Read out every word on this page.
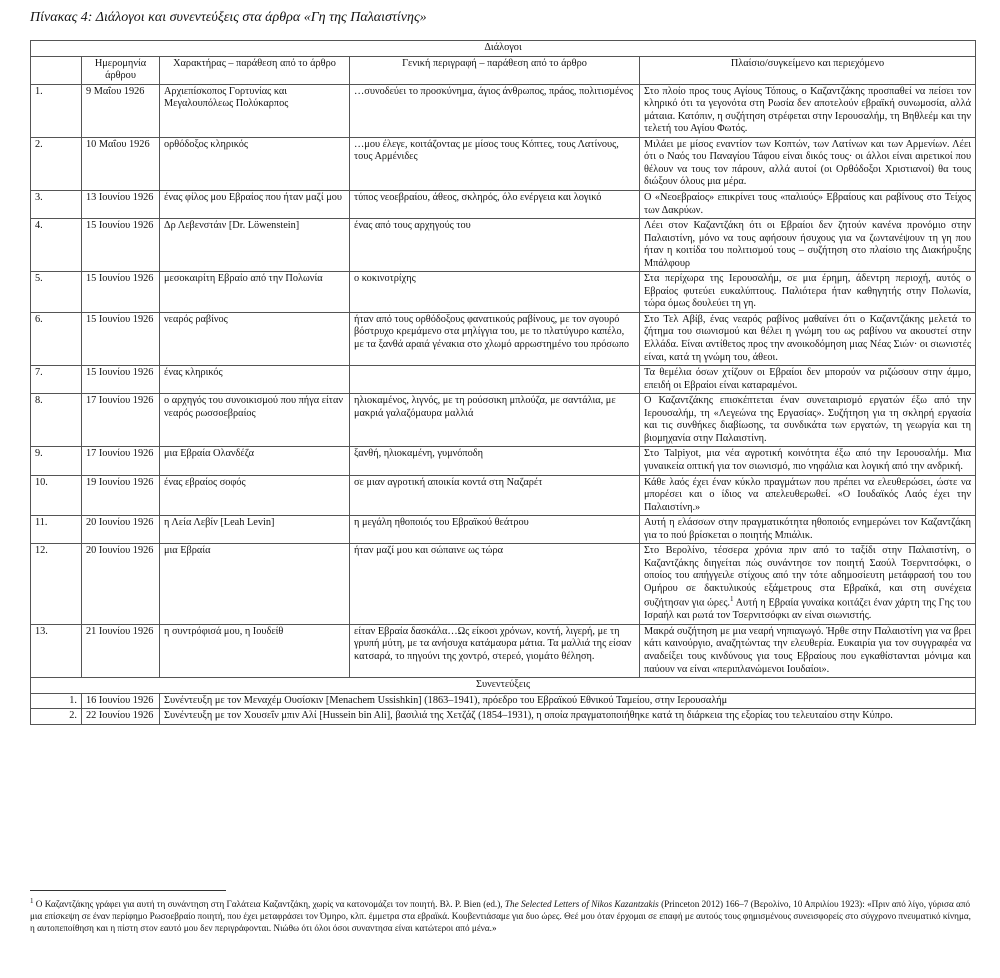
Πίνακας 4: Διάλογοι και συνεντεύξεις στα άρθρα «Γη της Παλαιστίνης»
Διάλογοι				
	Ημερομηνία άρθρου	Χαρακτήρας – παράθεση από το άρθρο	Γενική περιγραφή – παράθεση από το άρθρο	Πλαίσιο/συγκείμενο και περιεχόμενο
1.	9 Μαΐου 1926	Αρχιεπίσκοπος Γορτυνίας και Μεγαλουπόλεως Πολύκαρπος	…συνοδεύει το προσκύνημα, άγιος άνθρωπος, πράος, πολιτισμένος	Στο πλοίο προς τους Αγίους Τόπους, ο Καζαντζάκης προσπαθεί να πείσει τον κληρικό ότι τα γεγονότα στη Ρωσία δεν αποτελούν εβραϊκή συνωμοσία, αλλά μάταια. Κατόπιν, η συζήτηση στρέφεται στην Ιερουσαλήμ, τη Βηθλεέμ και την τελετή του Αγίου Φωτός.
2.	10 Μαΐου 1926	ορθόδοξος κληρικός	…μου έλεγε, κοιτάζοντας με μίσος τους Κόπτες, τους Λατίνους, τους Αρμένιδες	Μιλάει με μίσος εναντίον των Κοπτών, των Λατίνων και των Αρμενίων. Λέει ότι ο Ναός του Παναγίου Τάφου είναι δικός τους· οι άλλοι είναι αιρετικοί που θέλουν να τους τον πάρουν, αλλά αυτοί (οι Ορθόδοξοι Χριστιανοί) θα τους διώξουν όλους μια μέρα.
3.	13 Ιουνίου 1926	ένας φίλος μου Εβραίος που ήταν μαζί μου	τύπος νεοεβραίου, άθεος, σκληρός, όλο ενέργεια και λογικό	Ο «Νεοεβραίος» επικρίνει τους «παλιούς» Εβραίους και ραβίνους στο Τείχος των Δακρύων.
4.	15 Ιουνίου 1926	Δρ Λεβενστάιν [Dr. Löwenstein]	ένας από τους αρχηγούς του	Λέει στον Καζαντζάκη ότι οι Εβραίοι δεν ζητούν κανένα προνόμιο στην Παλαιστίνη, μόνο να τους αφήσουν ήσυχους για να ζωντανέψουν τη γη που ήταν η κοιτίδα του πολιτισμού τους – συζήτηση στο πλαίσιο της Διακήρυξης Μπάλφουρ
5.	15 Ιουνίου 1926	μεσοκαιρίτη Εβραίο από την Πολωνία	ο κοκινοτρίχης	Στα περίχωρα της Ιερουσαλήμ, σε μια έρημη, άδεντρη περιοχή, αυτός ο Εβραίος φυτεύει ευκαλύπτους. Παλιότερα ήταν καθηγητής στην Πολωνία, τώρα όμως δουλεύει τη γη.
6.	15 Ιουνίου 1926	νεαρός ραβίνος	ήταν από τους ορθόδοξους φανατικούς ραβίνους, με τον σγουρό βόστρυχο κρεμάμενο στα μηλίγγια του, με το πλατύγυρο καπέλο, με τα ξανθά αραιά γένακια στο χλωμό αρρωστημένο του πρόσωπο	Στο Τελ Αβίβ, ένας νεαρός ραβίνος μαθαίνει ότι ο Καζαντζάκης μελετά το ζήτημα του σιωνισμού και θέλει η γνώμη του ως ραβίνου να ακουστεί στην Ελλάδα. Είναι αντίθετος προς την ανοικοδόμηση μιας Νέας Σιών· οι σιωνιστές είναι, κατά τη γνώμη του, άθεοι.
7.	15 Ιουνίου 1926	ένας κληρικός		Τα θεμέλια όσων χτίζουν οι Εβραίοι δεν μπορούν να ριζώσουν στην άμμο, επειδή οι Εβραίοι είναι καταραμένοι.
8.	17 Ιουνίου 1926	ο αρχηγός του συνοικισμού που πήγα είταν νεαρός ρωσσοεβραίος	ηλιοκαμένος, λιγνός, με τη ρούσσικη μπλούζα, με σαντάλια, με μακριά γαλαζόμαυρα μαλλιά	Ο Καζαντζάκης επισκέπτεται έναν συνεταιρισμό εργατών έξω από την Ιερουσαλήμ, τη «Λεγεώνα της Εργασίας». Συζήτηση για τη σκληρή εργασία και τις συνθήκες διαβίωσης, τα συνδικάτα των εργατών, τη γεωργία και τη βιομηχανία στην Παλαιστίνη.
9.	17 Ιουνίου 1926	μια Εβραία Ολανδέζα	ξανθή, ηλιοκαμένη, γυμνόποδη	Στο Talpiyot, μια νέα αγροτική κοινότητα έξω από την Ιερουσαλήμ. Μια γυναικεία οπτική για τον σιωνισμό, πιο νηφάλια και λογική από την ανδρική.
10.	19 Ιουνίου 1926	ένας εβραίος σοφός	σε μιαν αγροτική αποικία κοντά στη Ναζαρέτ	Κάθε λαός έχει έναν κύκλο πραγμάτων που πρέπει να ελευθερώσει, ώστε να μπορέσει και ο ίδιος να απελευθερωθεί. «Ο Ιουδαϊκός Λαός έχει την Παλαιστίνη.»
11.	20 Ιουνίου 1926	η Λεία Λεβίν [Leah Levin]	η μεγάλη ηθοποιός του Εβραϊκού θεάτρου	Αυτή η ελάσσων στην πραγματικότητα ηθοποιός ενημερώνει τον Καζαντζάκη για το πού βρίσκεται ο ποιητής Μπιάλικ.
12.	20 Ιουνίου 1926	μια Εβραία	ήταν μαζί μου και σώπαινε ως τώρα	Στο Βερολίνο, τέσσερα χρόνια πριν από το ταξίδι στην Παλαιστίνη, ο Καζαντζάκης διηγείται πώς συνάντησε τον ποιητή Σαούλ Τσερνιτσόφκι, ο οποίος του απήγγειλε στίχους από την τότε αδημοσίευτη μετάφρασή του του Ομήρου σε δακτυλικούς εξάμετρους στα Εβραϊκά, και στη συνέχεια συζήτησαν για ώρες.$^1$ Αυτή η Εβραία γυναίκα κοιτάζει έναν χάρτη της Γης του Ισραήλ και ρωτά τον Τσερνιτσόφκι αν είναι σιωνιστής.
13.	21 Ιουνίου 1926	η συντρόφισά μου, η Ιουδείθ	είταν Εβραία δασκάλα…Ως είκοσι χρόνων, κοντή, λιγερή, με τη γρυπή μύτη, με τα ανήσυχα κατάμαυρα μάτια. Τα μαλλιά της είσαν κατσαρά, το πηγούνι της χοντρό, στερεό, γιομάτο θέληση.	Μακρά συζήτηση με μια νεαρή νηπιαγωγό. Ήρθε στην Παλαιστίνη για να βρει κάτι καινούργιο, αναζητώντας την ελευθερία. Ευκαιρία για τον συγγραφέα να αναδείξει τους κινδύνους για τους Εβραίους που εγκαθίστανται μόνιμα και παύουν να είναι «περιπλανώμενοι Ιουδαίοι».
Συνεντεύξεις				
1.	16 Ιουνίου 1926	Συνέντευξη με τον Μεναχέμ Ουσίσκιν [Menachem Ussishkin] (1863–1941), πρόεδρο του Εβραϊκού Εθνικού Ταμείου, στην Ιερουσαλήμ		
2.	22 Ιουνίου 1926	Συνέντευξη με τον Χουσεΐν μπιν Αλί [Hussein bin Ali], βασιλιά της Χετζάζ (1854–1931), η οποία πραγματοποιήθηκε κατά τη διάρκεια της εξορίας του τελευταίου στην Κύπρο.		
$^1$ Ο Καζαντζάκης γράφει για αυτή τη συνάντηση στη Γαλάτεια Καζαντζάκη, χωρίς να κατονομάζει τον ποιητή. Βλ. P. Bien (ed.), The Selected Letters of Nikos Kazantzakis (Princeton 2012) 166–7 (Βερολίνο, 10 Απριλίου 1923): «Πριν από λίγο, γύρισα από μια επίσκεψη σε έναν περίφημο Ρωσοεβραίο ποιητή, που έχει μεταφράσει τον Όμηρο, κλπ. έμμετρα στα εβραϊκά. Κουβεντιάσαμε για δυο ώρες. Θεέ μου όταν έρχομαι σε επαφή με αυτούς τους φημισμένους συνεισφορείς στο σύγχρονο πνευματικό κίνημα, η αυτοπεποίθηση και η πίστη στον εαυτό μου δεν περιγράφονται. Νιώθω ότι όλοι όσοι συναντησα είναι κατώτεροι από μένα.»
